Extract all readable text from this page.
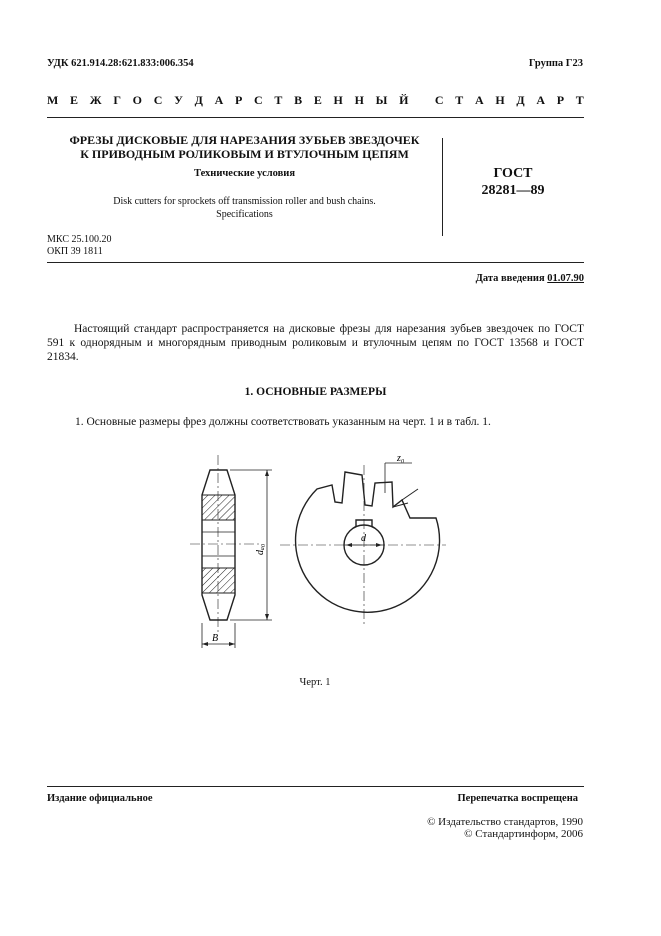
УДК 621.914.28:621.833:006.354	Группа Г23
М Е Ж Г О С У Д А Р С Т В Е Н Н Ы Й
С Т А Н Д А Р Т
ФРЕЗЫ ДИСКОВЫЕ ДЛЯ НАРЕЗАНИЯ ЗУБЬЕВ ЗВЕЗДОЧЕК
К ПРИВОДНЫМ РОЛИКОВЫМ И ВТУЛОЧНЫМ ЦЕПЯМ
Технические условия
Disk cutters for sprockets off transmission roller and bush chains.
Specifications
ГОСТ
28281—89
МКС 25.100.20
ОКП 39 1811
Дата введения 01.07.90
Настоящий стандарт распространяется на дисковые фрезы для нарезания зубьев звездочек по ГОСТ 591 к однорядным и многорядным приводным роликовым и втулочным цепям по ГОСТ 13568 и ГОСТ 21834.
1. ОСНОВНЫЕ РАЗМЕРЫ
1. Основные размеры фрез должны соответствовать указанным на черт. 1 и в табл. 1.
B
dₐ₀
d
z₀
Черт. 1
Издание официальное	Перепечатка воспрещена
© Издательство стандартов, 1990
© Стандартинформ, 2006
